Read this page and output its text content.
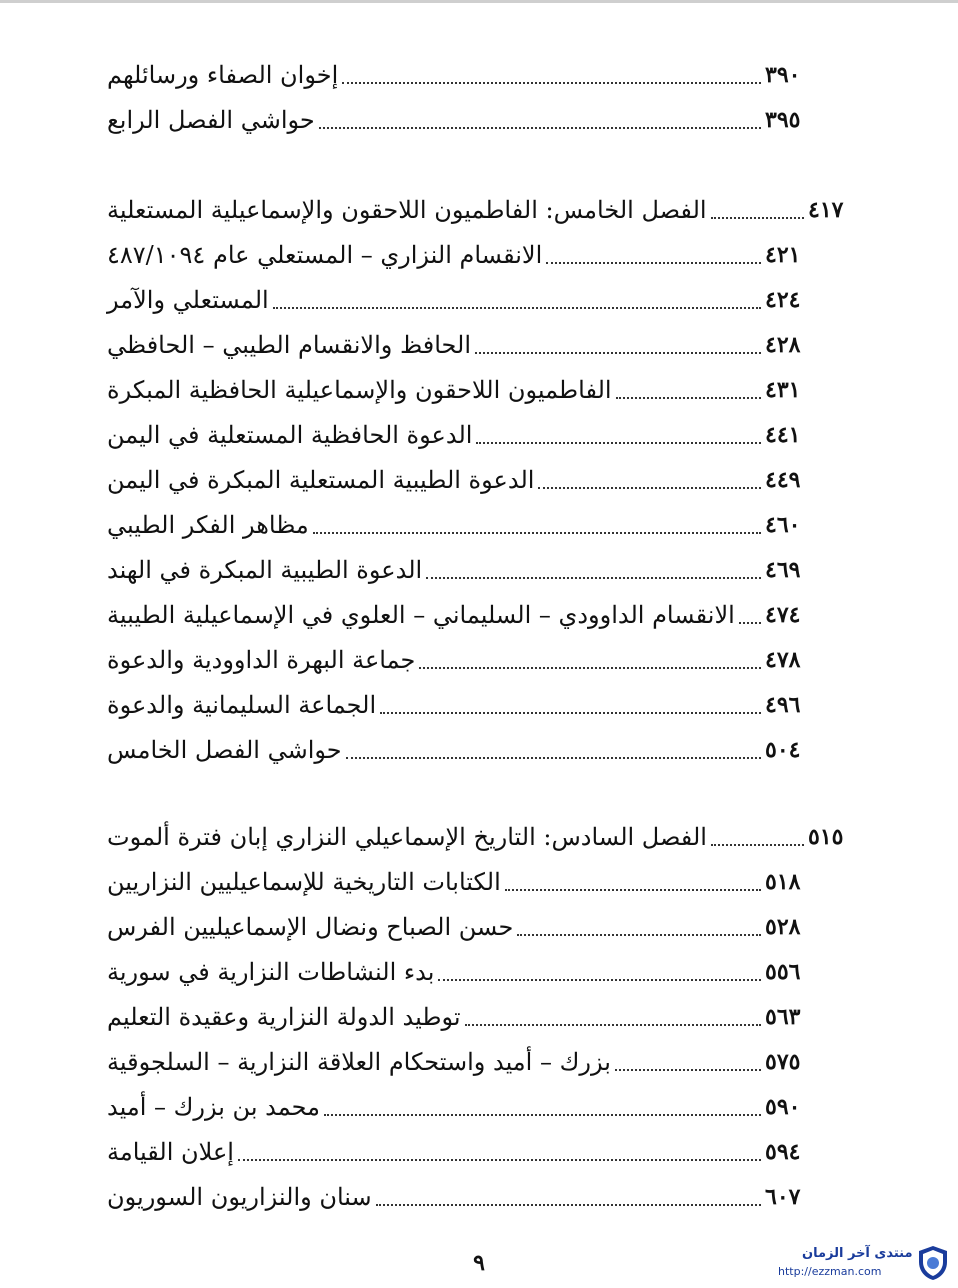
إخوان الصفاء ورسائلهم	٣٩٠
حواشي الفصل الرابع	٣٩٥
الفصل الخامس: الفاطميون اللاحقون والإسماعيلية المستعلية	٤١٧
الانقسام النزاري – المستعلي عام ٤٨٧/١٠٩٤	٤٢١
المستعلي والآمر	٤٢٤
الحافظ والانقسام الطيبي – الحافظي	٤٢٨
الفاطميون اللاحقون والإسماعيلية الحافظية المبكرة	٤٣١
الدعوة الحافظية المستعلية في اليمن	٤٤١
الدعوة الطيبية المستعلية المبكرة في اليمن	٤٤٩
مظاهر الفكر الطيبي	٤٦٠
الدعوة الطيبية المبكرة في الهند	٤٦٩
الانقسام الداوودي – السليماني – العلوي في الإسماعيلية الطيبية ٤٧٤
جماعة البهرة الداوودية والدعوة	٤٧٨
الجماعة السليمانية والدعوة	٤٩٦
حواشي الفصل الخامس	٥٠٤
الفصل السادس: التاريخ الإسماعيلي النزاري إبان فترة ألموت	٥١٥
الكتابات التاريخية للإسماعيليين النزاريين	٥١٨
حسن الصباح ونضال الإسماعيليين الفرس	٥٢٨
بدء النشاطات النزارية في سورية	٥٥٦
توطيد الدولة النزارية وعقيدة التعليم	٥٦٣
بزرك – أميد واستحكام العلاقة النزارية – السلجوقية	٥٧٥
محمد بن بزرك – أميد	٥٩٠
إعلان القيامة	٥٩٤
سنان والنزاريون السوريون	٦٠٧
٩	منتدى آخر الزمان
http://ezzman.com
